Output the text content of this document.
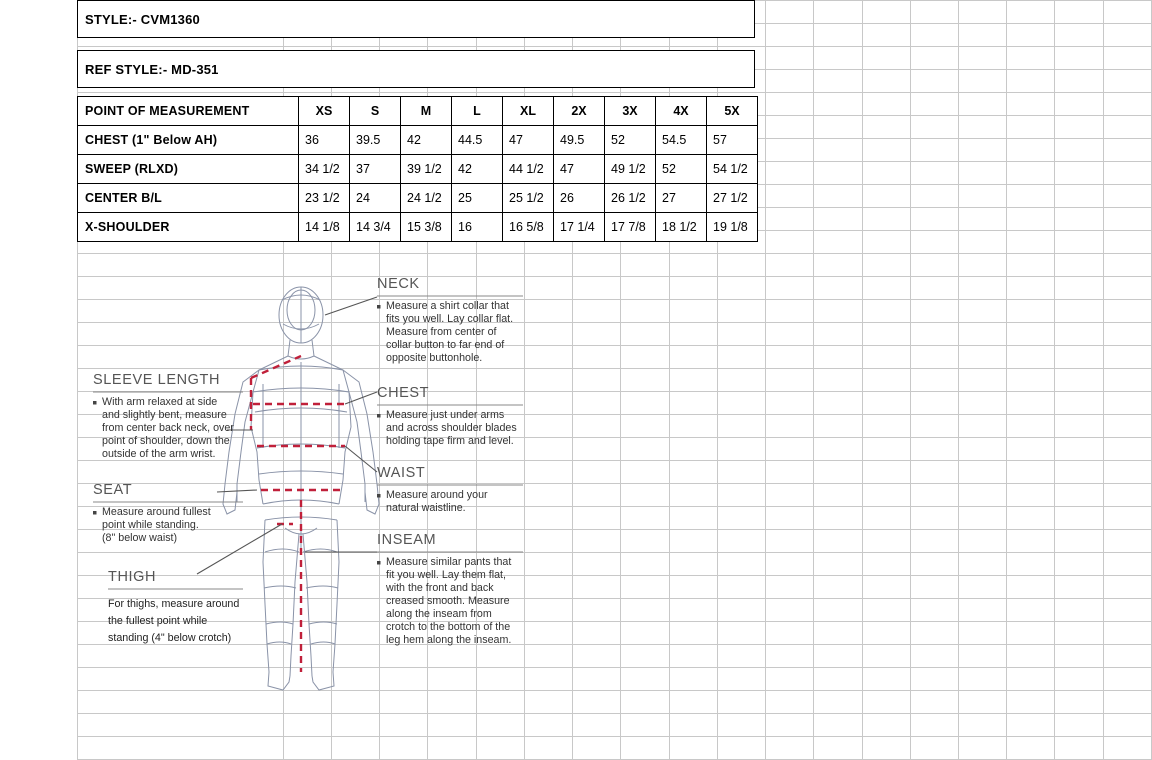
STYLE:- CVM1360
REF STYLE:- MD-351
POINT OF MEASUREMENT	XS	S	M	L	XL	2X	3X	4X	5X
CHEST (1" Below AH)	36	39.5	42	44.5	47	49.5	52	54.5	57
SWEEP (RLXD)	34 1/2	37	39 1/2	42	44 1/2	47	49 1/2	52	54 1/2
CENTER B/L	23 1/2	24	24 1/2	25	25 1/2	26	26 1/2	27	27 1/2
X-SHOULDER	14 1/8	14 3/4	15 3/8	16	16 5/8	17 1/4	17 7/8	18 1/2	19 1/8
NECK
Measure a shirt collar that
fits you well. Lay collar flat.
Measure from center of
collar button to far end of
opposite buttonhole.
SLEEVE LENGTH
With arm relaxed at side
and slightly bent, measure
from center back neck, over
point of shoulder, down the
outside of the arm wrist.
CHEST
Measure just under arms
and across shoulder blades
holding tape firm and level.
SEAT
Measure around fullest
point while standing.
(8" below waist)
WAIST
Measure around your
natural waistline.
THIGH
For thighs, measure around
the fullest point while
standing (4" below crotch)
INSEAM
Measure similar pants that
fit you well. Lay them flat,
with the front and back
creased smooth. Measure
along the inseam from
crotch to the bottom of the
leg hem along the inseam.
